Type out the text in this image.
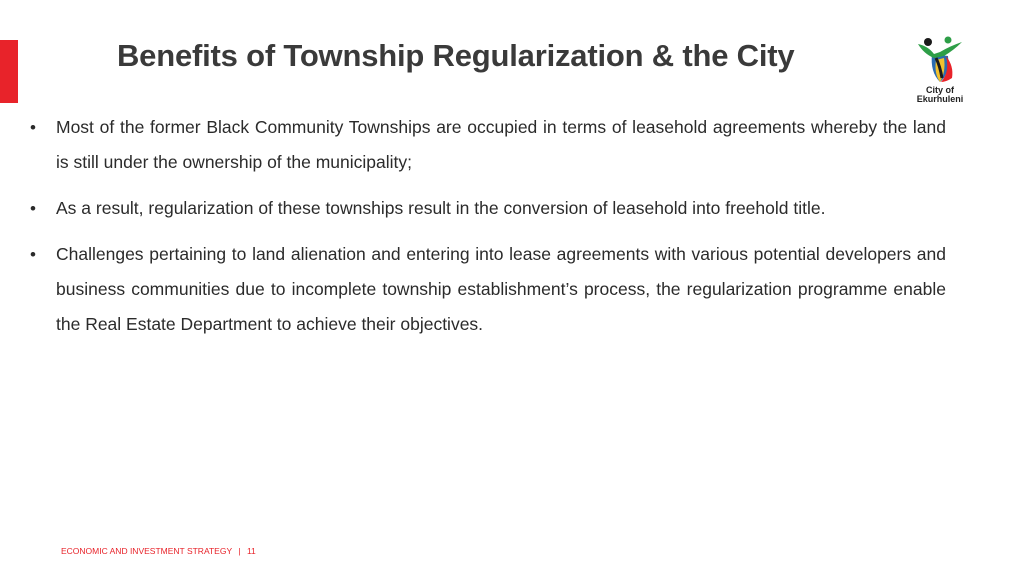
Benefits of Township Regularization & the City
City of
Ekurhuleni
• Most of the former Black Community Townships are occupied in terms of leasehold agreements whereby the land is still under the ownership of the municipality;
• As a result, regularization of these townships result in the conversion of leasehold into freehold title.
• Challenges pertaining to land alienation and entering into lease agreements with various potential developers and business communities due to incomplete township establishment’s process, the regularization programme enable the Real Estate Department to achieve their objectives.
ECONOMIC AND INVESTMENT STRATEGY | 11
